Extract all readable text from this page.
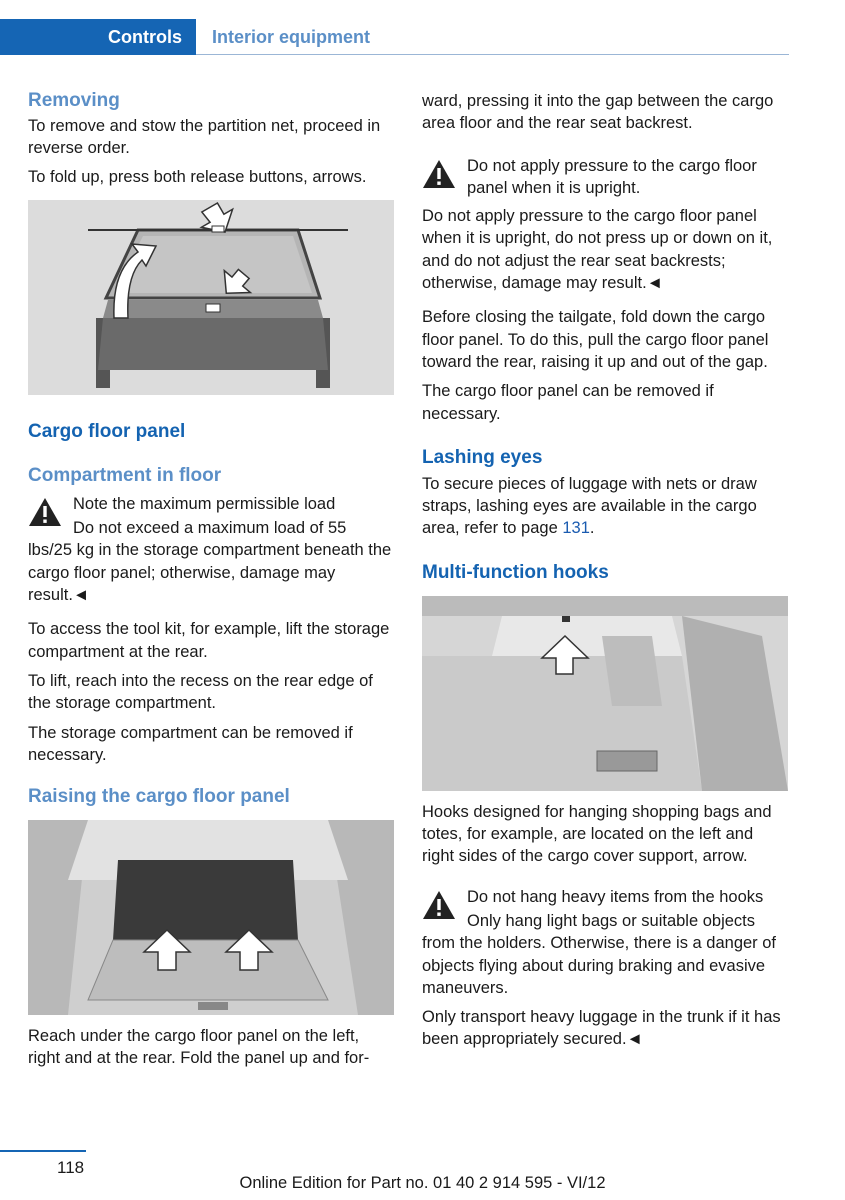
Controls Interior equipment
Removing

To remove and stow the partition net, proceed in reverse order.

To fold up, press both release buttons, arrows.

Cargo floor panel
Compartment in floor

Note the maximum permissible load

Do not exceed a maximum load of 55 lbs/25 kg in the storage compartment beneath the cargo floor panel; otherwise, damage may result.◄

To access the tool kit, for example, lift the storage compartment at the rear.

To lift, reach into the recess on the rear edge of the storage compartment.

The storage compartment can be removed if necessary.

Raising the cargo floor panel

Reach under the cargo floor panel on the left, right and at the rear. Fold the panel up and for-

ward, pressing it into the gap between the cargo area floor and the rear seat backrest.

Do not apply pressure to the cargo floor panel when it is upright.

Do not apply pressure to the cargo floor panel when it is upright, do not press up or down on it, and do not adjust the rear seat backrests; otherwise, damage may result.◄

Before closing the tailgate, fold down the cargo floor panel. To do this, pull the cargo floor panel toward the rear, raising it up and out of the gap.

The cargo floor panel can be removed if necessary.

Lashing eyes

To secure pieces of luggage with nets or draw straps, lashing eyes are available in the cargo area, refer to page 131.

Multi-function hooks

Hooks designed for hanging shopping bags and totes, for example, are located on the left and right sides of the cargo cover support, arrow.

Do not hang heavy items from the hooks

Only hang light bags or suitable objects from the holders. Otherwise, there is a danger of objects flying about during braking and evasive maneuvers.

Only transport heavy luggage in the trunk if it has been appropriately secured.◄

118
Online Edition for Part no. 01 40 2 914 595 - VI/12
